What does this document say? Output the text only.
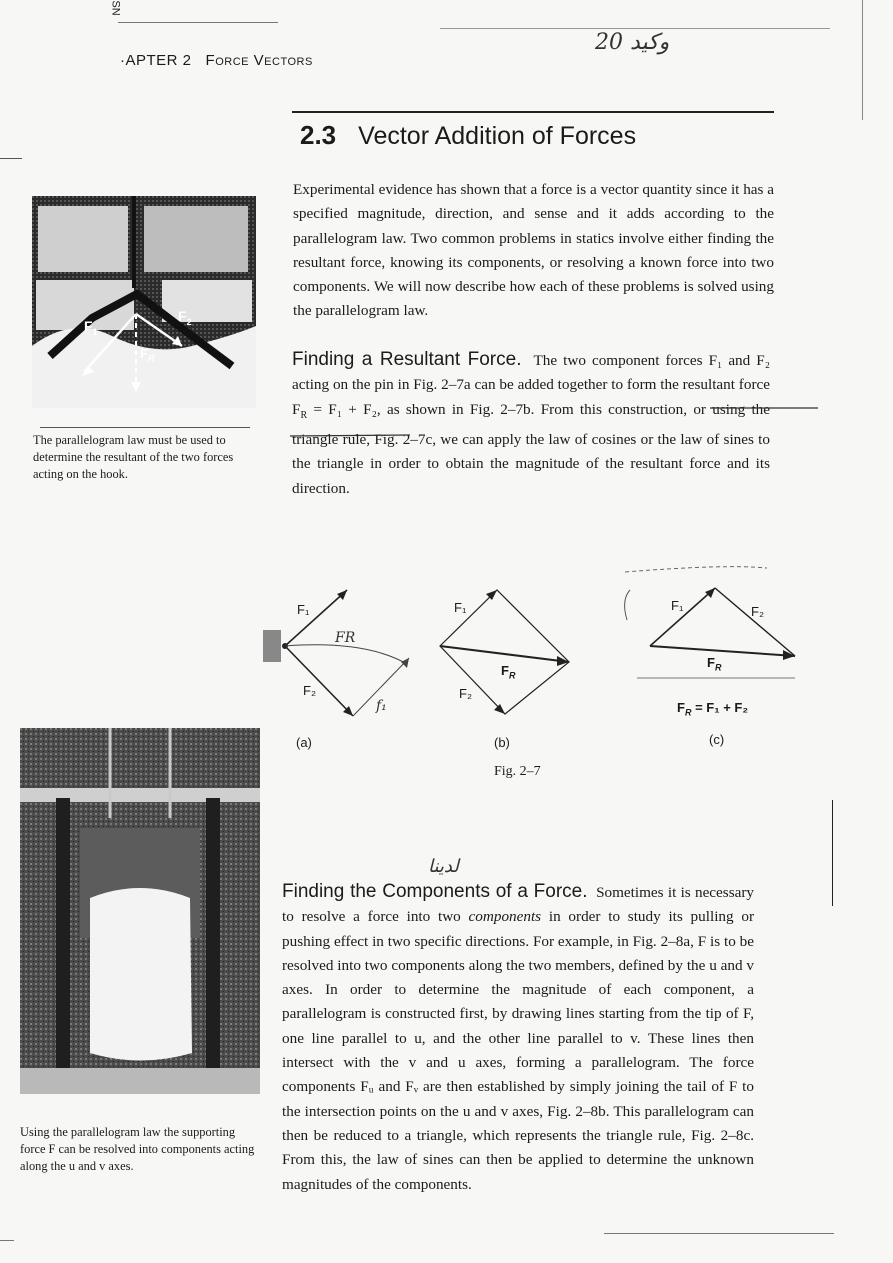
SN
·APTER 2 Force Vectors
وكيد 20
2.3 Vector Addition of Forces
Experimental evidence has shown that a force is a vector quantity since it has a specified magnitude, direction, and sense and it adds according to the parallelogram law. Two common problems in statics involve either finding the resultant force, knowing its components, or resolving a known force into two components. We will now describe how each of these problems is solved using the parallelogram law.
Finding a Resultant Force. The two component forces F₁ and F₂ acting on the pin in Fig. 2–7a can be added together to form the resultant force $F_R = F_1 + F_2$, as shown in Fig. 2–7b. From this construction, or using the triangle rule, Fig. 2–7c, we can apply the law of cosines or the law of sines to the triangle in order to obtain the magnitude of the resultant force and its direction.
$F_1$
$F_2$
$F_R$
The parallelogram law must be used to determine the resultant of the two forces acting on the hook.
F₁
F₂
FR
f₁
F₁
F₂
$F_R$
F₁	F₂
$F_R$
$F_R = F_1 + F_2$
(a)	(b)	(c)
Fig. 2–7
Using the parallelogram law the supporting force F can be resolved into components acting along the u and v axes.
لدينا
Finding the Components of a Force. Sometimes it is necessary to resolve a force into two components in order to study its pulling or pushing effect in two specific directions. For example, in Fig. 2–8a, F is to be resolved into two components along the two members, defined by the u and v axes. In order to determine the magnitude of each component, a parallelogram is constructed first, by drawing lines starting from the tip of F, one line parallel to u, and the other line parallel to v. These lines then intersect with the v and u axes, forming a parallelogram. The force components Fᵤ and Fᵥ are then established by simply joining the tail of F to the intersection points on the u and v axes, Fig. 2–8b. This parallelogram can then be reduced to a triangle, which represents the triangle rule, Fig. 2–8c. From this, the law of sines can then be applied to determine the unknown magnitudes of the components.
